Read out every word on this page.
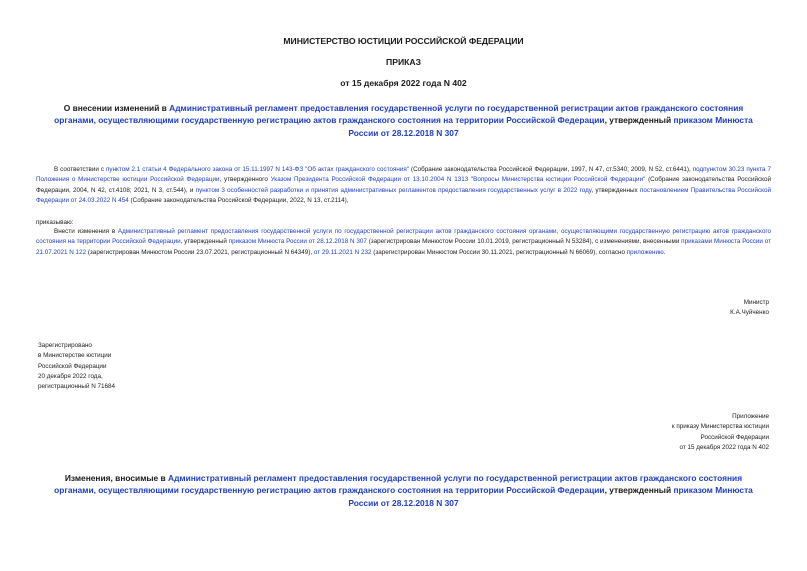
МИНИСТЕРСТВО ЮСТИЦИИ РОССИЙСКОЙ ФЕДЕРАЦИИ
ПРИКАЗ
от 15 декабря 2022 года N 402
О внесении изменений в Административный регламент предоставления государственной услуги по государственной регистрации актов гражданского состояния органами, осуществляющими государственную регистрацию актов гражданского состояния на территории Российской Федерации, утвержденный приказом Минюста России от 28.12.2018 N 307
В соответствии с пунктом 2.1 статьи 4 Федерального закона от 15.11.1997 N 143-ФЗ "Об актах гражданского состояния" (Собрание законодательства Российской Федерации, 1997, N 47, ст.5340; 2009, N 52, ст.6441), подпунктом 30.23 пункта 7 Положения о Министерстве юстиции Российской Федерации, утвержденного Указом Президента Российской Федерации от 13.10.2004 N 1313 "Вопросы Министерства юстиции Российской Федерации" (Собрание законодательства Российской Федерации, 2004, N 42, ст.4108; 2021, N 3, ст.544), и пунктом 3 особенностей разработки и принятия административных регламентов предоставления государственных услуг в 2022 году, утвержденных постановлением Правительства Российской Федерации от 24.03.2022 N 454 (Собрание законодательства Российской Федерации, 2022, N 13, ст.2114),
приказываю:
Внести изменения в Административный регламент предоставления государственной услуги по государственной регистрации актов гражданского состояния органами, осуществляющими государственную регистрацию актов гражданского состояния на территории Российской Федерации, утвержденный приказом Минюста России от 28.12.2018 N 307 (зарегистрирован Минюстом России 10.01.2019, регистрационный N 53284), с изменениями, внесенными приказами Минюста России от 21.07.2021 N 122 (зарегистрирован Минюстом России 23.07.2021, регистрационный N 64349), от 29.11.2021 N 232 (зарегистрирован Минюстом России 30.11.2021, регистрационный N 66069), согласно приложению.
Министр
К.А.Чуйченко
Зарегистрировано
в Министерстве юстиции
Российской Федерации
20 декабря 2022 года,
регистрационный N 71684
Приложение
к приказу Министерства юстиции
Российской Федерации
от 15 декабря 2022 года N 402
Изменения, вносимые в Административный регламент предоставления государственной услуги по государственной регистрации актов гражданского состояния органами, осуществляющими государственную регистрацию актов гражданского состояния на территории Российской Федерации, утвержденный приказом Минюста России от 28.12.2018 N 307
